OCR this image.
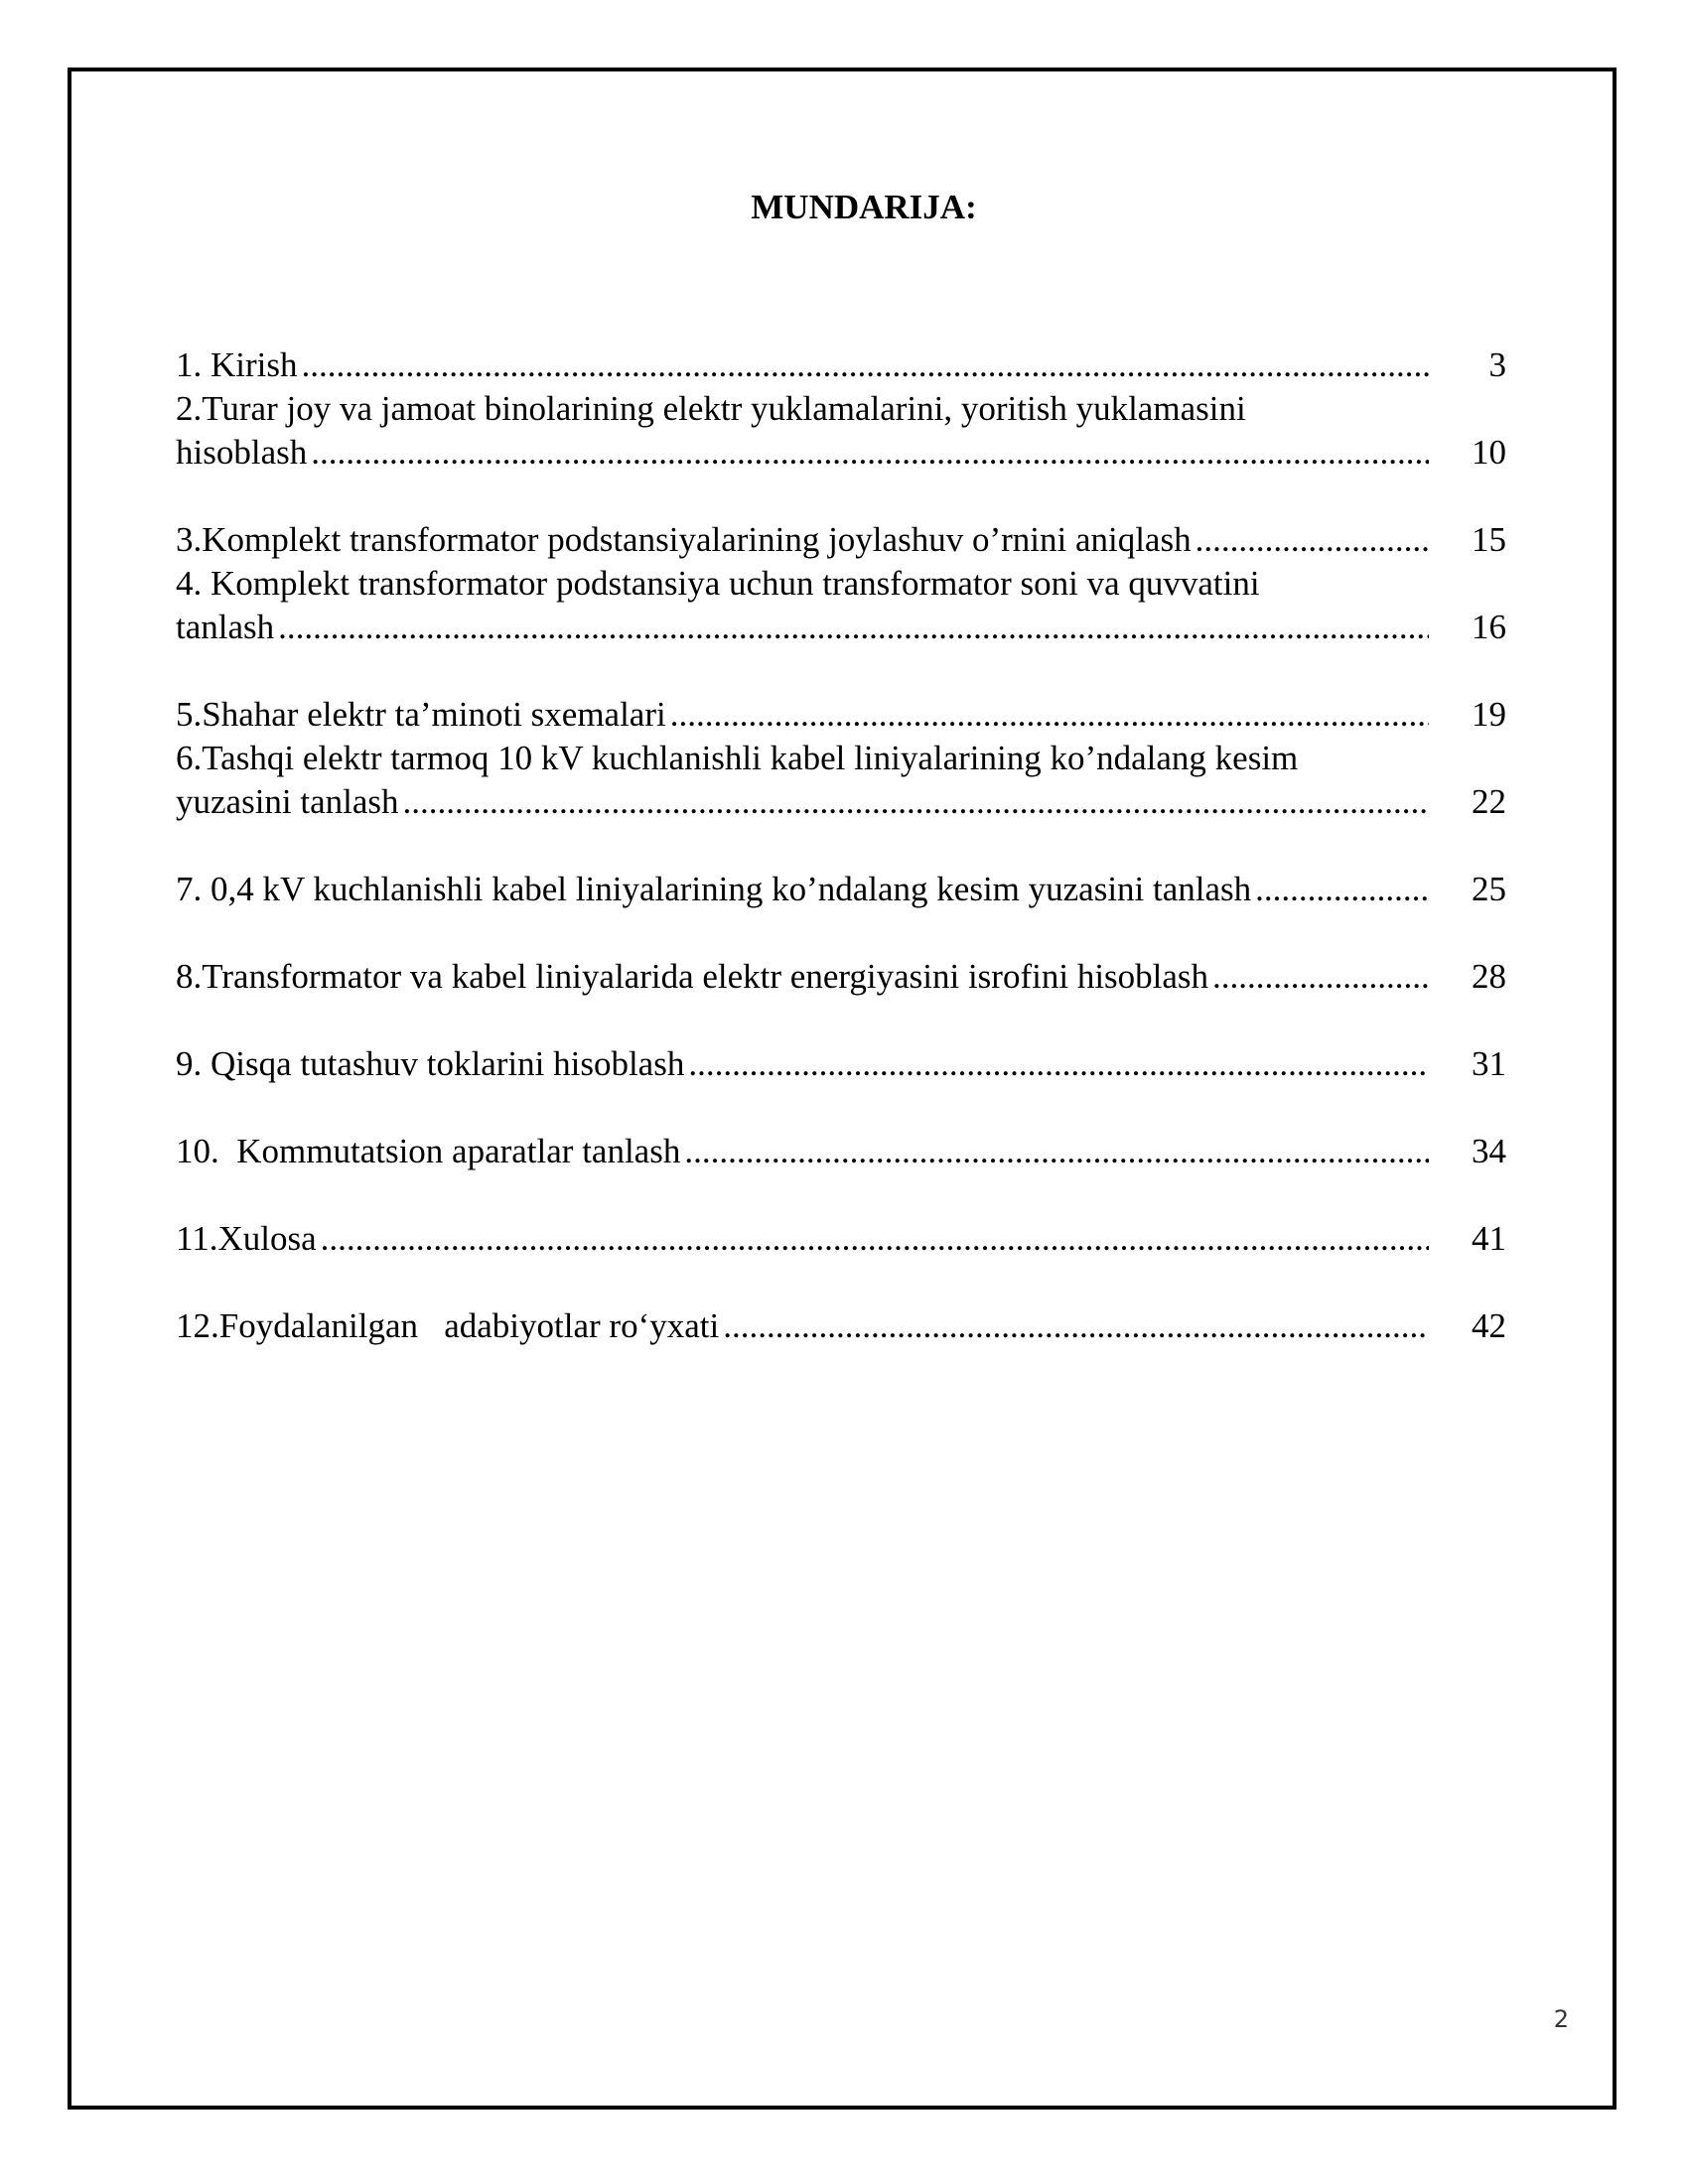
MUNDARIJA:
1. Kirish .....	3
2.Turar joy va jamoat binolarining elektr yuklamalarini, yoritish yuklamasini
hisoblash .....	10
3.Komplekt transformator podstansiyalarining joylashuv o’rnini aniqlash .....	15
4. Komplekt transformator podstansiya uchun transformator soni va quvvatini
tanlash .....	16
5.Shahar elektr ta’minoti sxemalari .....	19
6.Tashqi elektr tarmoq 10 kV kuchlanishli kabel liniyalarining ko’ndalang kesim
yuzasini tanlash .....	22
7. 0,4 kV kuchlanishli kabel liniyalarining ko’ndalang kesim yuzasini tanlash .....	25
8.Transformator va kabel liniyalarida elektr energiyasini isrofini hisoblash .....	28
9. Qisqa tutashuv toklarini hisoblash .....	31
10.  Kommutatsion aparatlar tanlash .....	34
11.Xulosa .....	41
12.Foydalanilgan   adabiyotlar ro‘yxati .....	42
2
